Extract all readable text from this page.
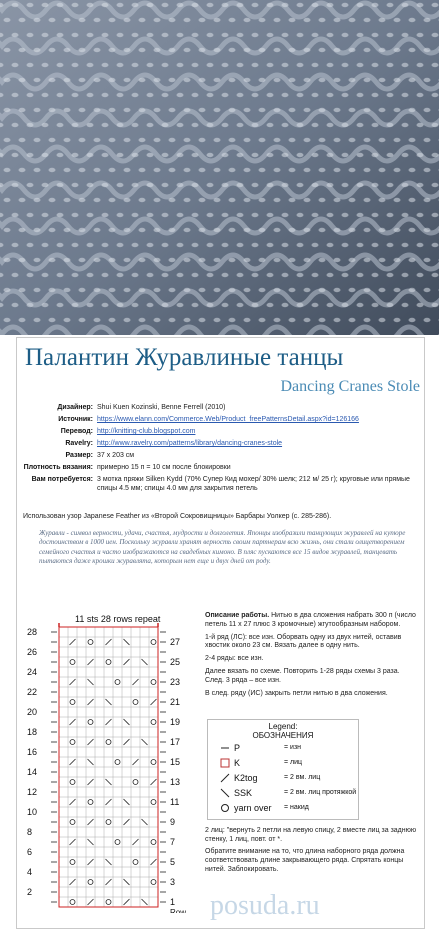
Палантин Журавлиные танцы
Dancing Cranes Stole
Дизайнер: Shui Kuen Kozinski, Benne Ferrell (2010)
Источник: https://www.elann.com/Commerce.Web/Product_freePatternsDetail.aspx?id=126166
Перевод: http://knitting-club.blogspot.com
Ravelry: http://www.ravelry.com/patterns/library/dancing-cranes-stole
Размер: 37 x 203 см
Плотность вязания: примерно 15 п = 10 см после блокировки
Вам потребуется: 3 мотка пряжи Silken Kydd (70% Супер Кид мохер/ 30% шелк; 212 м/ 25 г); круговые или прямые спицы 4.5 мм; спицы 4.0 мм для закрытия петель
Использован узор Japanese Feather из «Второй Сокровищницы» Барбары Уолкер (с. 285-286).
Журавли - символ верности, удачи, счастья, мудрости и долголетия. Японцы изобразили танцующих журавлей на купюре достоинством в 1000 иен. Поскольку журавли хранят верность своим партнерам всю жизнь, они стали олицетворением семейного счастья и часто изображаются на свадебных кимоно. В пляс пускаются все 15 видов журавлей, танцевать пытаются даже крошки журавлята, которым нет еще и двух дней от роду.
11 sts 28 rows repeat
28
26
24
22
20
18
16
14
12
10
8
6
4
2
27
25
23
21
19
17
15
13
11
9
7
5
3
1
Row

Описание работы. Нитью в два сложения набрать 300 п (число петель 11 х 27 плюс 3 кромочные) жгутообразным набором.

1-й ряд (ЛС): все изн. Оборвать одну из двух нитей, оставив хвостик около 23 см. Вязать далее в одну нить.

2-4 ряды: все изн.

Далее вязать по схеме. Повторить 1-28 ряды схемы 3 раза. След. 3 ряда – все изн.

В след. ряду (ИС) закрыть петли нитью в два сложения.

Legend:
ОБОЗНАЧЕНИЯ
P	= изн
K	= лиц
K2tog	= 2 вм. лиц
SSK	= 2 вм. лиц протяжкой
yarn over	= накид

2 лиц: "вернуть 2 петли на левую спицу, 2 вместе лиц за заднюю стенку, 1 лиц, повт. от *.

Обратите внимание на то, что длина наборного ряда должна соответствовать длине закрывающего ряда. Спрятать концы нитей. Заблокировать.

posuda.ru
